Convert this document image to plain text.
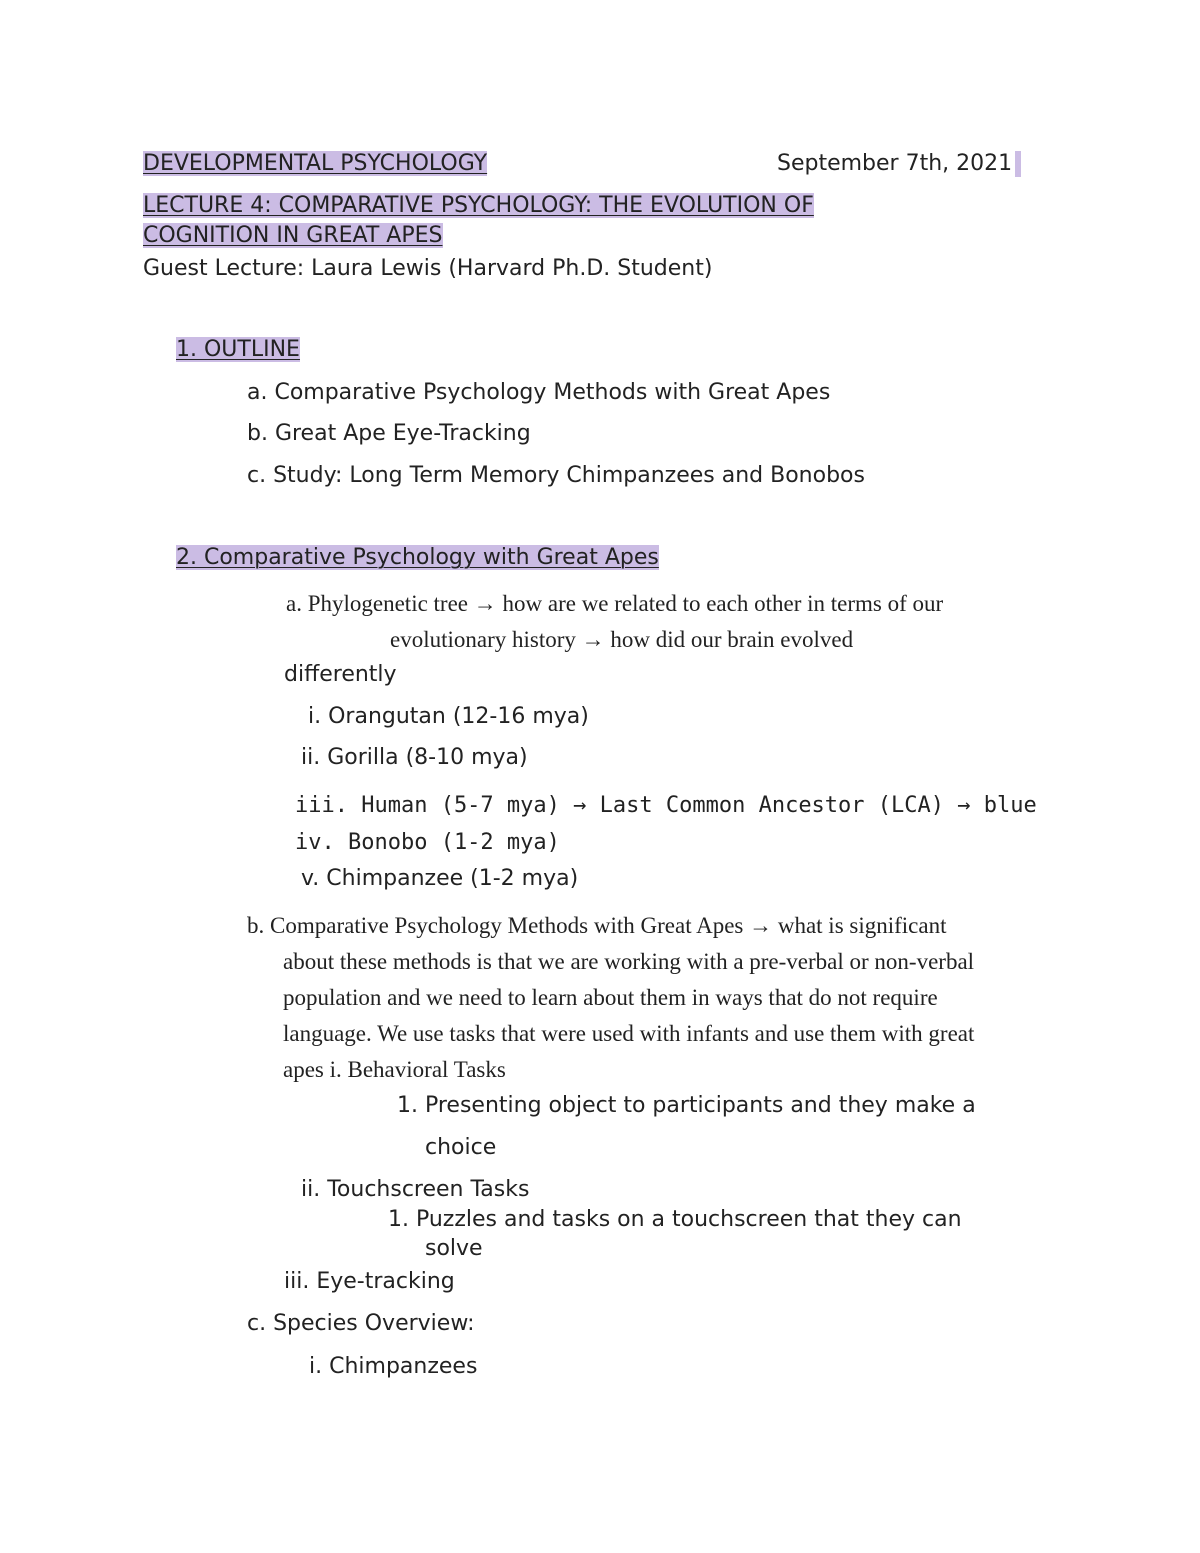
DEVELOPMENTAL PSYCHOLOGY	September 7th, 2021
LECTURE 4: COMPARATIVE PSYCHOLOGY: THE EVOLUTION OF
COGNITION IN GREAT APES
Guest Lecture: Laura Lewis (Harvard Ph.D. Student)
1. OUTLINE
a. Comparative Psychology Methods with Great Apes
b. Great Ape Eye-Tracking
c. Study: Long Term Memory Chimpanzees and Bonobos
2. Comparative Psychology with Great Apes
a. Phylogenetic tree → how are we related to each other in terms of our
evolutionary history → how did our brain evolved
differently
i. Orangutan (12-16 mya)
ii. Gorilla (8-10 mya)
iii. Human (5-7 mya) → Last Common Ancestor (LCA) → blue
iv. Bonobo (1-2 mya)
v. Chimpanzee (1-2 mya)
b. Comparative Psychology Methods with Great Apes → what is significant
about these methods is that we are working with a pre-verbal or non-verbal
population and we need to learn about them in ways that do not require
language. We use tasks that were used with infants and use them with great
apes i. Behavioral Tasks
1. Presenting object to participants and they make a
choice
ii. Touchscreen Tasks
1. Puzzles and tasks on a touchscreen that they can
solve
iii. Eye-tracking
c. Species Overview:
i. Chimpanzees
